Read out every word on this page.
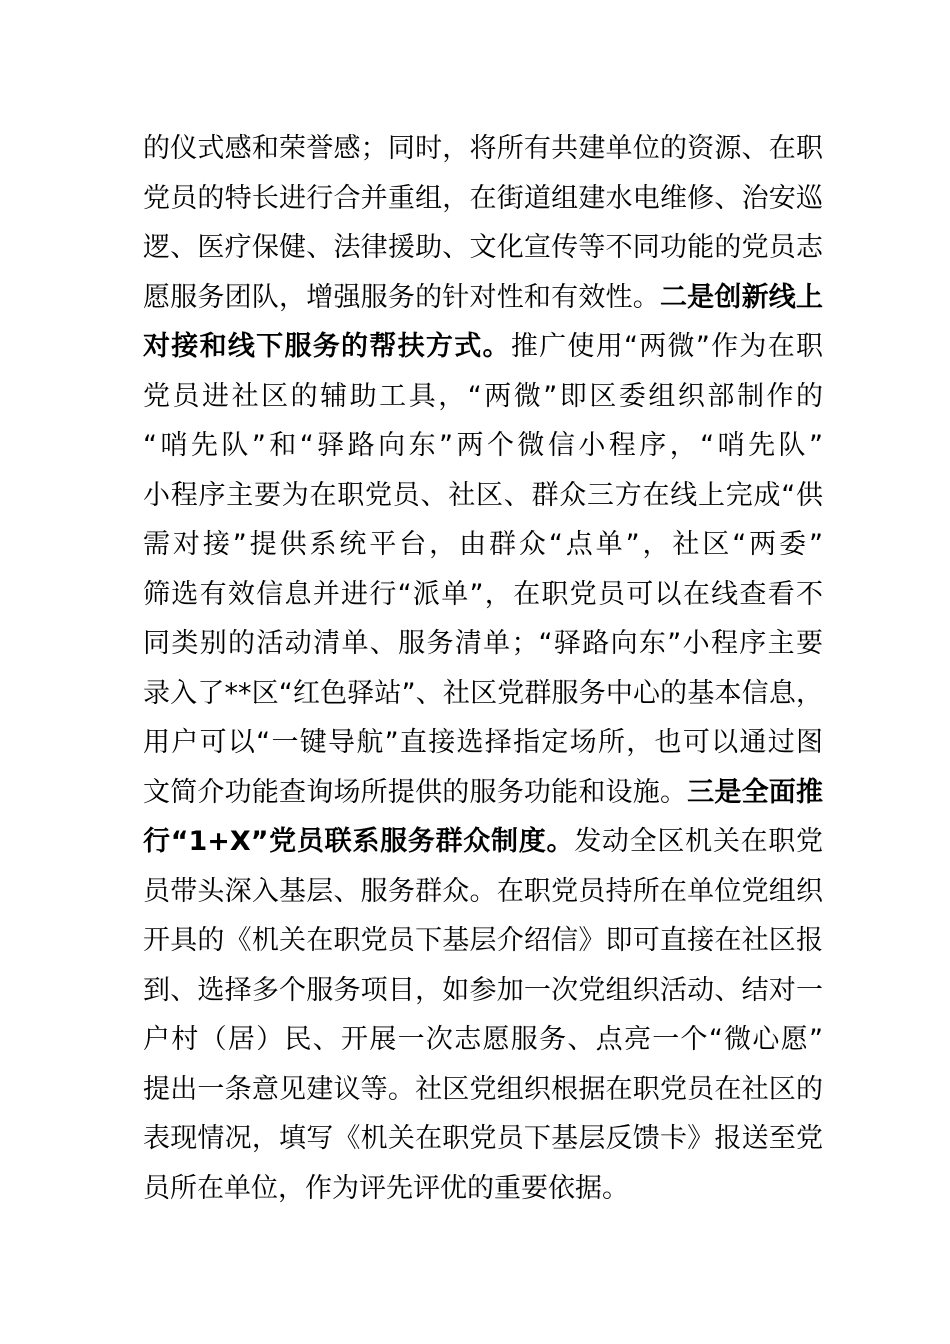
的仪式感和荣誉感；同时，将所有共建单位的资源、在职
党员的特长进行合并重组，在街道组建水电维修、治安巡
逻、医疗保健、法律援助、文化宣传等不同功能的党员志
愿服务团队，增强服务的针对性和有效性。二是创新线上
对接和线下服务的帮扶方式。推广使用“两微”作为在职
党员进社区的辅助工具，“两微”即区委组织部制作的
“哨先队”和“驿路向东”两个微信小程序，“哨先队”
小程序主要为在职党员、社区、群众三方在线上完成“供
需对接”提供系统平台，由群众“点单”，社区“两委”
筛选有效信息并进行“派单”，在职党员可以在线查看不
同类别的活动清单、服务清单；“驿路向东”小程序主要
录入了**区“红色驿站”、社区党群服务中心的基本信息，
用户可以“一键导航”直接选择指定场所，也可以通过图
文简介功能查询场所提供的服务功能和设施。三是全面推
行“1+X”党员联系服务群众制度。发动全区机关在职党
员带头深入基层、服务群众。在职党员持所在单位党组织
开具的《机关在职党员下基层介绍信》即可直接在社区报
到、选择多个服务项目，如参加一次党组织活动、结对一
户村（居）民、开展一次志愿服务、点亮一个“微心愿”
提出一条意见建议等。社区党组织根据在职党员在社区的
表现情况，填写《机关在职党员下基层反馈卡》报送至党
员所在单位，作为评先评优的重要依据。
